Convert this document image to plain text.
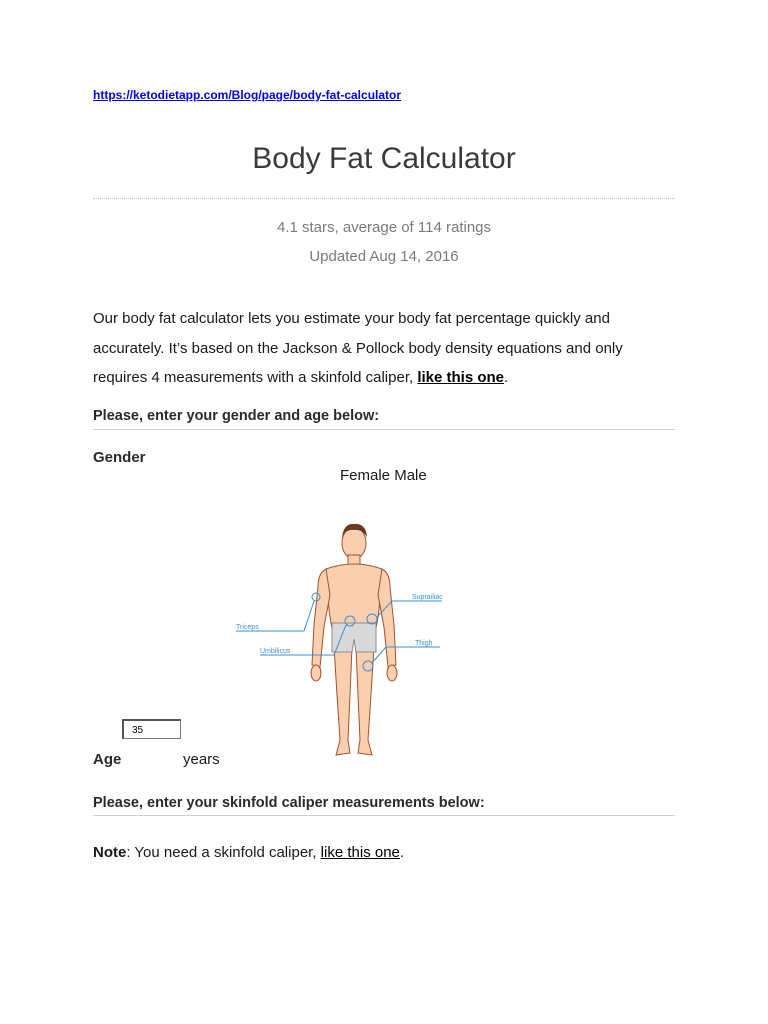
https://ketodietapp.com/Blog/page/body-fat-calculator
Body Fat Calculator
4.1 stars, average of 114 ratings
Updated Aug 14, 2016
Our body fat calculator lets you estimate your body fat percentage quickly and
accurately. It’s based on the Jackson & Pollock body density equations and only
requires 4 measurements with a skinfold caliper, like this one.
Please, enter your gender and age below:
Gender
Female Male
Triceps
Umbilicus
Suprailiac
Thigh
35
Age	years
Please, enter your skinfold caliper measurements below:
Note: You need a skinfold caliper, like this one.
